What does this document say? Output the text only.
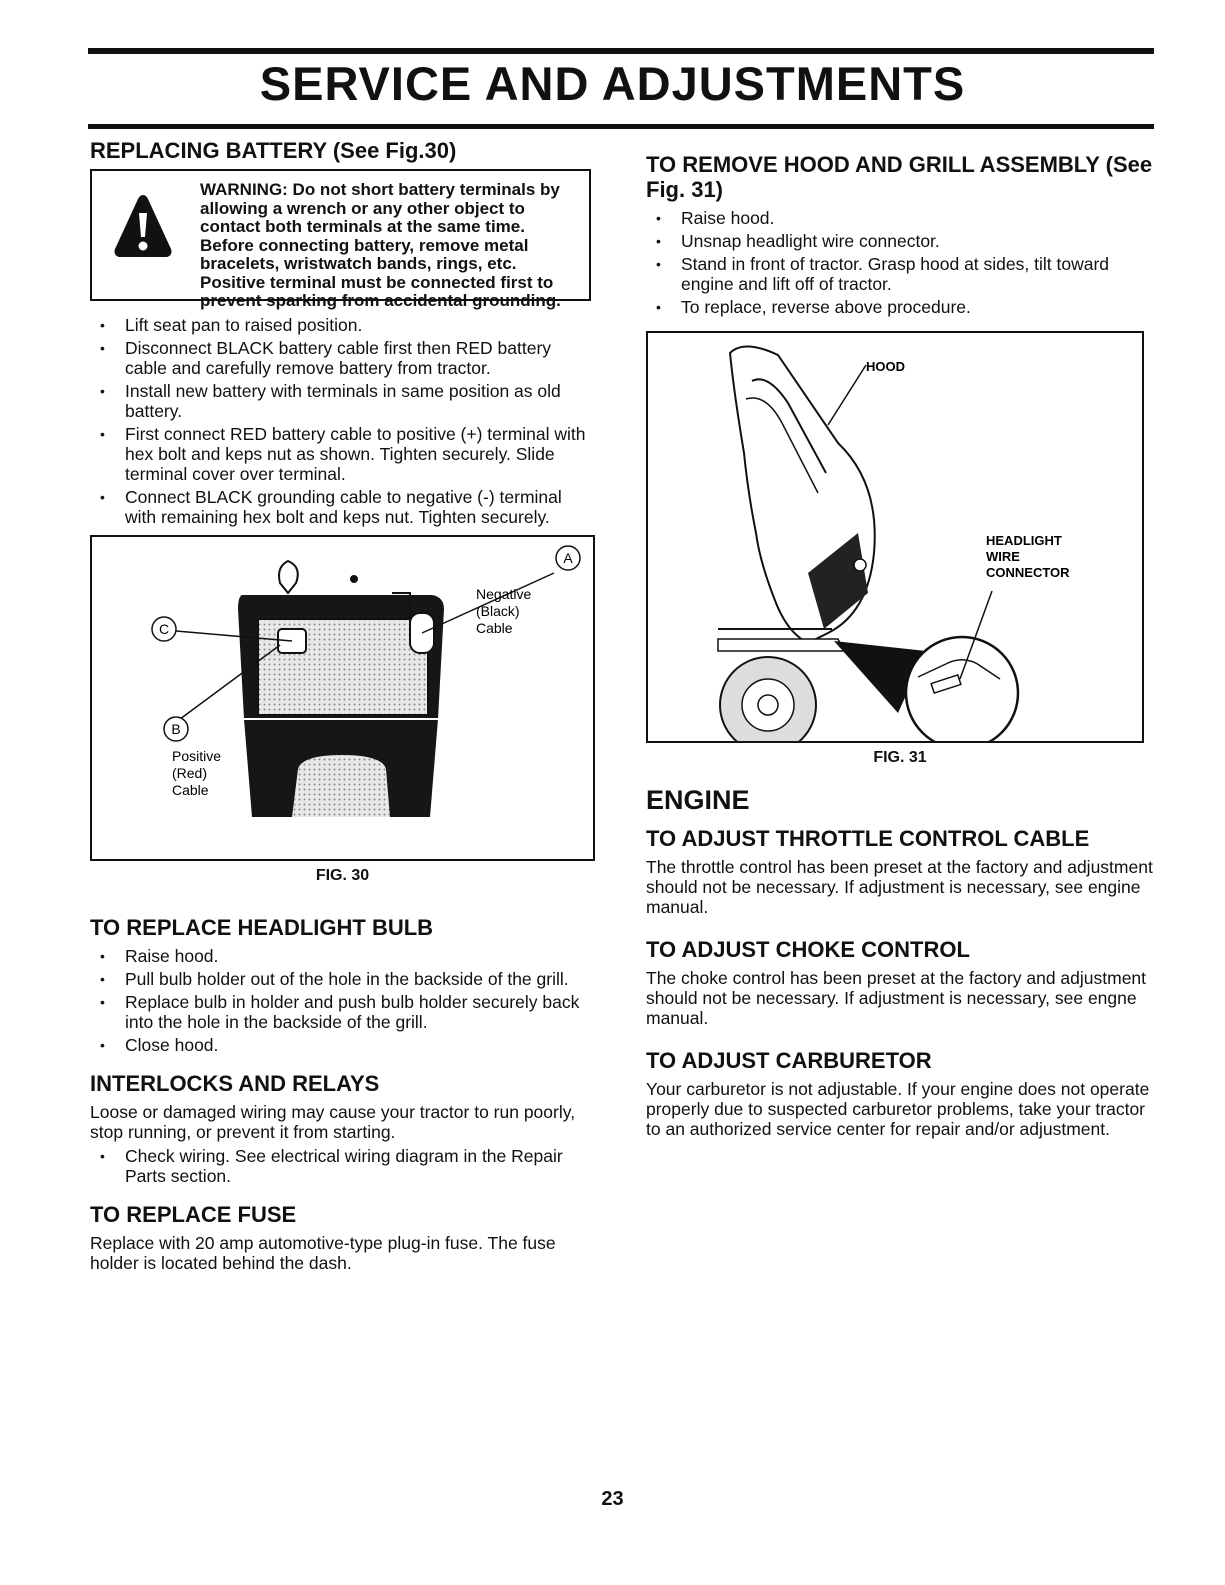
SERVICE AND ADJUSTMENTS
REPLACING BATTERY (See Fig.30)
WARNING: Do not short battery terminals by allowing a wrench or any other object to contact both terminals at the same time. Before connecting battery, remove metal bracelets, wristwatch bands, rings, etc. Positive terminal must be connected first to prevent sparking from accidental grounding.
• Lift seat pan to raised position.
• Disconnect BLACK battery cable first then RED battery cable and carefully remove battery from tractor.
• Install new battery with terminals in same position as old battery.
• First connect RED battery cable to positive (+) terminal with hex bolt and keps nut as shown. Tighten securely. Slide terminal cover over terminal.
• Connect BLACK grounding cable to negative (-) terminal with remaining hex bolt and keps nut. Tighten securely.
A
C
B
Negative
(Black)
Cable
Positive
(Red)
Cable
FIG. 30
TO REPLACE HEADLIGHT BULB
• Raise hood.
• Pull bulb holder out of the hole in the backside of the grill.
• Replace bulb in holder and push bulb holder securely back into the hole in the backside of the grill.
• Close hood.
INTERLOCKS AND RELAYS

Loose or damaged wiring may cause your tractor to run poorly, stop running, or prevent it from starting.

• Check wiring. See electrical wiring diagram in the Repair Parts section.
TO REPLACE FUSE

Replace with 20 amp automotive-type plug-in fuse. The fuse holder is located behind the dash.

TO REMOVE HOOD AND GRILL ASSEMBLY (See Fig. 31)
• Raise hood.
• Unsnap headlight wire connector.
• Stand in front of tractor. Grasp hood at sides, tilt toward engine and lift off of tractor.
• To replace, reverse above procedure.
HOOD
HEADLIGHT
WIRE
CONNECTOR
FIG. 31
ENGINE
TO ADJUST THROTTLE CONTROL CABLE

The throttle control has been preset at the factory and adjustment should not be necessary. If adjustment is necessary, see engine manual.

TO ADJUST CHOKE CONTROL

The choke control has been preset at the factory and adjustment should not be necessary. If adjustment is necessary, see engne manual.

TO ADJUST CARBURETOR

Your carburetor is not adjustable. If your engine does not operate properly due to suspected carburetor problems, take your tractor to an authorized service center for repair and/or adjustment.

23
